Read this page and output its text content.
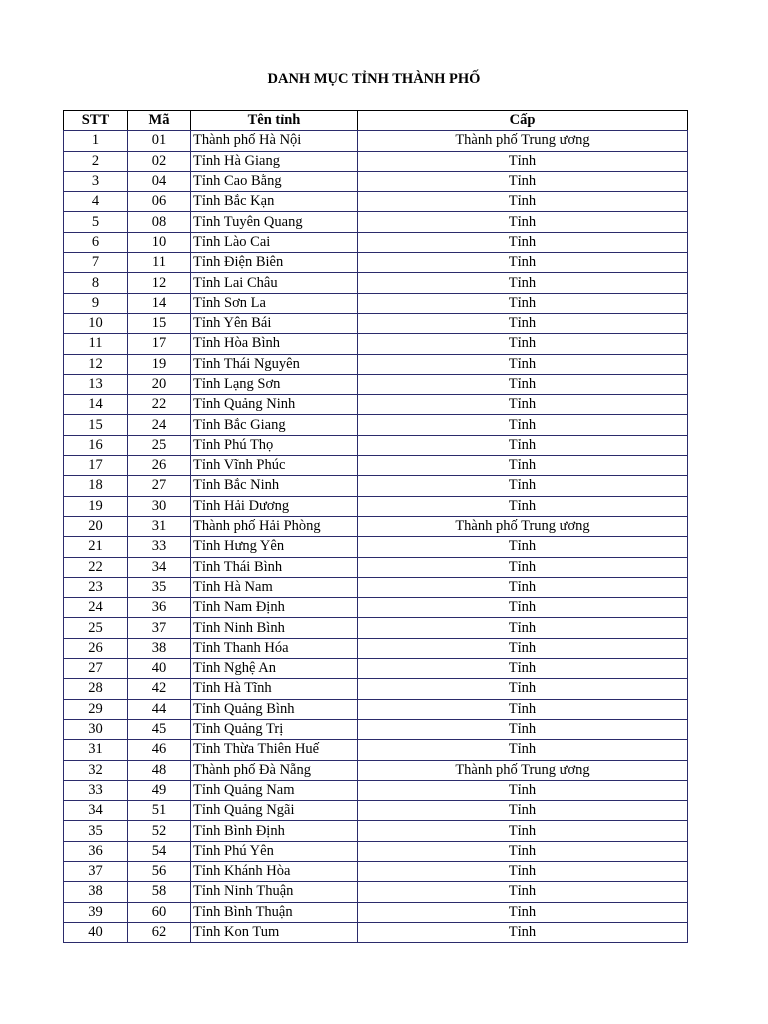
DANH MỤC TỈNH THÀNH PHỐ
STT	Mã	Tên tỉnh	Cấp
1	01	Thành phố Hà Nội	Thành phố Trung ương
2	02	Tỉnh Hà Giang	Tỉnh
3	04	Tỉnh Cao Bằng	Tỉnh
4	06	Tỉnh Bắc Kạn	Tỉnh
5	08	Tỉnh Tuyên Quang	Tỉnh
6	10	Tỉnh Lào Cai	Tỉnh
7	11	Tỉnh Điện Biên	Tỉnh
8	12	Tỉnh Lai Châu	Tỉnh
9	14	Tỉnh Sơn La	Tỉnh
10	15	Tỉnh Yên Bái	Tỉnh
11	17	Tỉnh Hòa Bình	Tỉnh
12	19	Tỉnh Thái Nguyên	Tỉnh
13	20	Tỉnh Lạng Sơn	Tỉnh
14	22	Tỉnh Quảng Ninh	Tỉnh
15	24	Tỉnh Bắc Giang	Tỉnh
16	25	Tỉnh Phú Thọ	Tỉnh
17	26	Tỉnh Vĩnh Phúc	Tỉnh
18	27	Tỉnh Bắc Ninh	Tỉnh
19	30	Tỉnh Hải Dương	Tỉnh
20	31	Thành phố Hải Phòng	Thành phố Trung ương
21	33	Tỉnh Hưng Yên	Tỉnh
22	34	Tỉnh Thái Bình	Tỉnh
23	35	Tỉnh Hà Nam	Tỉnh
24	36	Tỉnh Nam Định	Tỉnh
25	37	Tỉnh Ninh Bình	Tỉnh
26	38	Tỉnh Thanh Hóa	Tỉnh
27	40	Tỉnh Nghệ An	Tỉnh
28	42	Tỉnh Hà Tĩnh	Tỉnh
29	44	Tỉnh Quảng Bình	Tỉnh
30	45	Tỉnh Quảng Trị	Tỉnh
31	46	Tỉnh Thừa Thiên Huế	Tỉnh
32	48	Thành phố Đà Nẵng	Thành phố Trung ương
33	49	Tỉnh Quảng Nam	Tỉnh
34	51	Tỉnh Quảng Ngãi	Tỉnh
35	52	Tỉnh Bình Định	Tỉnh
36	54	Tỉnh Phú Yên	Tỉnh
37	56	Tỉnh Khánh Hòa	Tỉnh
38	58	Tỉnh Ninh Thuận	Tỉnh
39	60	Tỉnh Bình Thuận	Tỉnh
40	62	Tỉnh Kon Tum	Tỉnh
